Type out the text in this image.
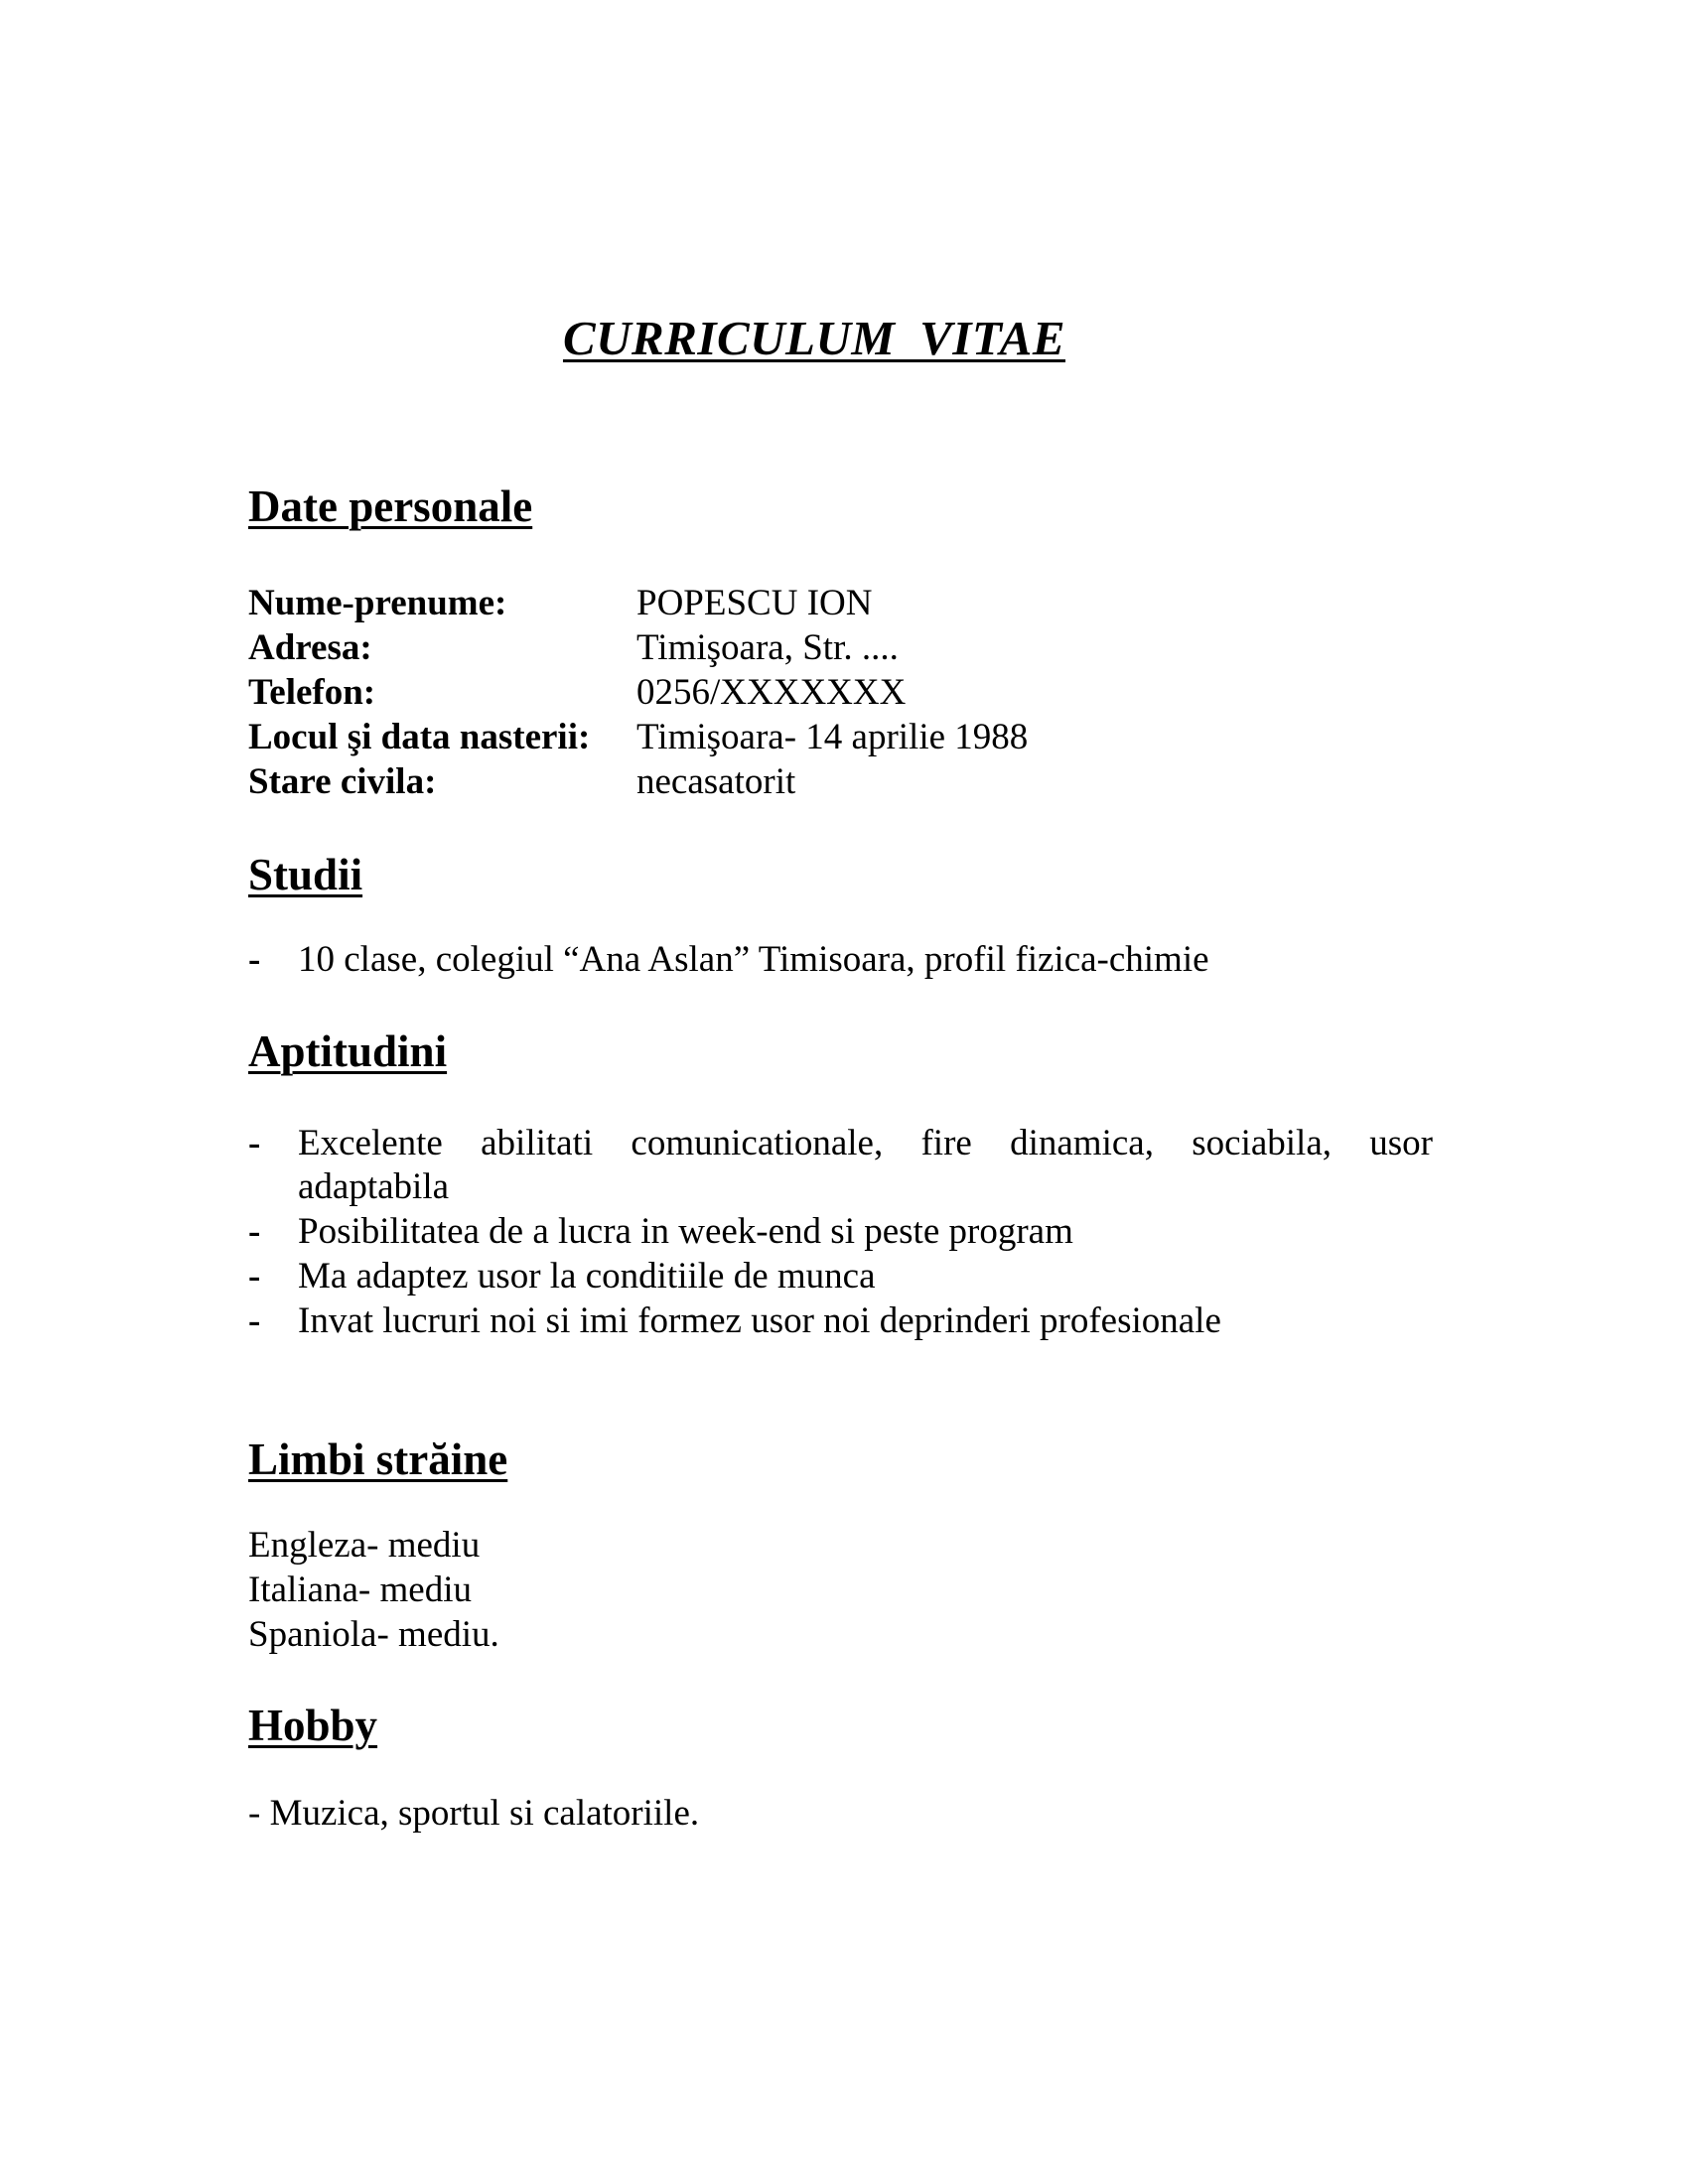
CURRICULUM VITAE
Date personale
Nume-prenume:	POPESCU ION
Adresa:	Timişoara, Str. ....
Telefon:	0256/XXXXXXX
Locul şi data nasterii: Timişoara- 14 aprilie 1988
Stare civila:	necasatorit
Studii
- 10 clase, colegiul “Ana Aslan” Timisoara, profil fizica-chimie
Aptitudini
- Excelente abilitati comunicationale, fire dinamica, sociabila, usor
adaptabila
- Posibilitatea de a lucra in week-end si peste program
- Ma adaptez usor la conditiile de munca
- Invat lucruri noi si imi formez usor noi deprinderi profesionale
Limbi străine
Engleza- mediu
Italiana- mediu
Spaniola- mediu.
Hobby
- Muzica, sportul si calatoriile.
